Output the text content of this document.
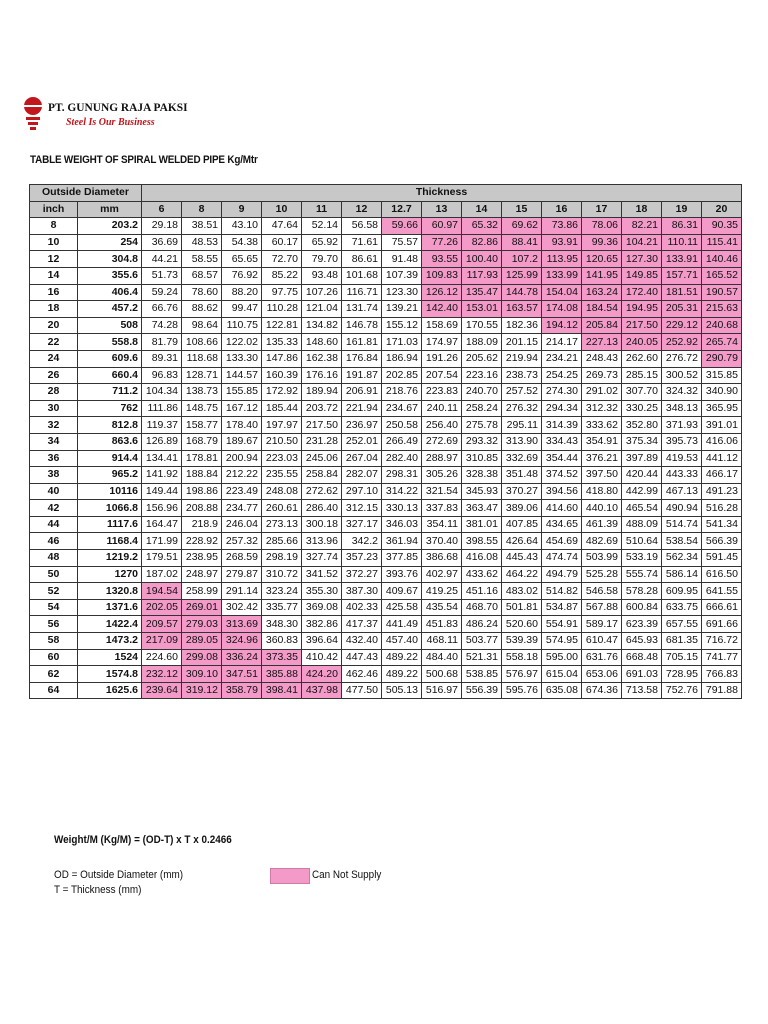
PT. GUNUNG RAJA PAKSI
Steel Is Our Business
TABLE WEIGHT OF SPIRAL WELDED PIPE Kg/Mtr
Outside Diameter		Thickness														
inch	mm	6	8	9	10	11	12	12.7	13	14	15	16	17	18	19	20
8	203.2	29.18	38.51	43.10	47.64	52.14	56.58	59.66	60.97	65.32	69.62	73.86	78.06	82.21	86.31	90.35
10	254	36.69	48.53	54.38	60.17	65.92	71.61	75.57	77.26	82.86	88.41	93.91	99.36	104.21	110.11	115.41
12	304.8	44.21	58.55	65.65	72.70	79.70	86.61	91.48	93.55	100.40	107.2	113.95	120.65	127.30	133.91	140.46
14	355.6	51.73	68.57	76.92	85.22	93.48	101.68	107.39	109.83	117.93	125.99	133.99	141.95	149.85	157.71	165.52
16	406.4	59.24	78.60	88.20	97.75	107.26	116.71	123.30	126.12	135.47	144.78	154.04	163.24	172.40	181.51	190.57
18	457.2	66.76	88.62	99.47	110.28	121.04	131.74	139.21	142.40	153.01	163.57	174.08	184.54	194.95	205.31	215.63
20	508	74.28	98.64	110.75	122.81	134.82	146.78	155.12	158.69	170.55	182.36	194.12	205.84	217.50	229.12	240.68
22	558.8	81.79	108.66	122.02	135.33	148.60	161.81	171.03	174.97	188.09	201.15	214.17	227.13	240.05	252.92	265.74
24	609.6	89.31	118.68	133.30	147.86	162.38	176.84	186.94	191.26	205.62	219.94	234.21	248.43	262.60	276.72	290.79
26	660.4	96.83	128.71	144.57	160.39	176.16	191.87	202.85	207.54	223.16	238.73	254.25	269.73	285.15	300.52	315.85
28	711.2	104.34	138.73	155.85	172.92	189.94	206.91	218.76	223.83	240.70	257.52	274.30	291.02	307.70	324.32	340.90
30	762	111.86	148.75	167.12	185.44	203.72	221.94	234.67	240.11	258.24	276.32	294.34	312.32	330.25	348.13	365.95
32	812.8	119.37	158.77	178.40	197.97	217.50	236.97	250.58	256.40	275.78	295.11	314.39	333.62	352.80	371.93	391.01
34	863.6	126.89	168.79	189.67	210.50	231.28	252.01	266.49	272.69	293.32	313.90	334.43	354.91	375.34	395.73	416.06
36	914.4	134.41	178.81	200.94	223.03	245.06	267.04	282.40	288.97	310.85	332.69	354.44	376.21	397.89	419.53	441.12
38	965.2	141.92	188.84	212.22	235.55	258.84	282.07	298.31	305.26	328.38	351.48	374.52	397.50	420.44	443.33	466.17
40	10116	149.44	198.86	223.49	248.08	272.62	297.10	314.22	321.54	345.93	370.27	394.56	418.80	442.99	467.13	491.23
42	1066.8	156.96	208.88	234.77	260.61	286.40	312.15	330.13	337.83	363.47	389.06	414.60	440.10	465.54	490.94	516.28
44	1117.6	164.47	218.9	246.04	273.13	300.18	327.17	346.03	354.11	381.01	407.85	434.65	461.39	488.09	514.74	541.34
46	1168.4	171.99	228.92	257.32	285.66	313.96	342.2	361.94	370.40	398.55	426.64	454.69	482.69	510.64	538.54	566.39
48	1219.2	179.51	238.95	268.59	298.19	327.74	357.23	377.85	386.68	416.08	445.43	474.74	503.99	533.19	562.34	591.45
50	1270	187.02	248.97	279.87	310.72	341.52	372.27	393.76	402.97	433.62	464.22	494.79	525.28	555.74	586.14	616.50
52	1320.8	194.54	258.99	291.14	323.24	355.30	387.30	409.67	419.25	451.16	483.02	514.82	546.58	578.28	609.95	641.55
54	1371.6	202.05	269.01	302.42	335.77	369.08	402.33	425.58	435.54	468.70	501.81	534.87	567.88	600.84	633.75	666.61
56	1422.4	209.57	279.03	313.69	348.30	382.86	417.37	441.49	451.83	486.24	520.60	554.91	589.17	623.39	657.55	691.66
58	1473.2	217.09	289.05	324.96	360.83	396.64	432.40	457.40	468.11	503.77	539.39	574.95	610.47	645.93	681.35	716.72
60	1524	224.60	299.08	336.24	373.35	410.42	447.43	489.22	484.40	521.31	558.18	595.00	631.76	668.48	705.15	741.77
62	1574.8	232.12	309.10	347.51	385.88	424.20	462.46	489.22	500.68	538.85	576.97	615.04	653.06	691.03	728.95	766.83
64	1625.6	239.64	319.12	358.79	398.41	437.98	477.50	505.13	516.97	556.39	595.76	635.08	674.36	713.58	752.76	791.88
Weight/M (Kg/M) = (OD-T) x T x 0.2466
OD = Outside Diameter (mm)
T = Thickness (mm)
Can Not Supply
